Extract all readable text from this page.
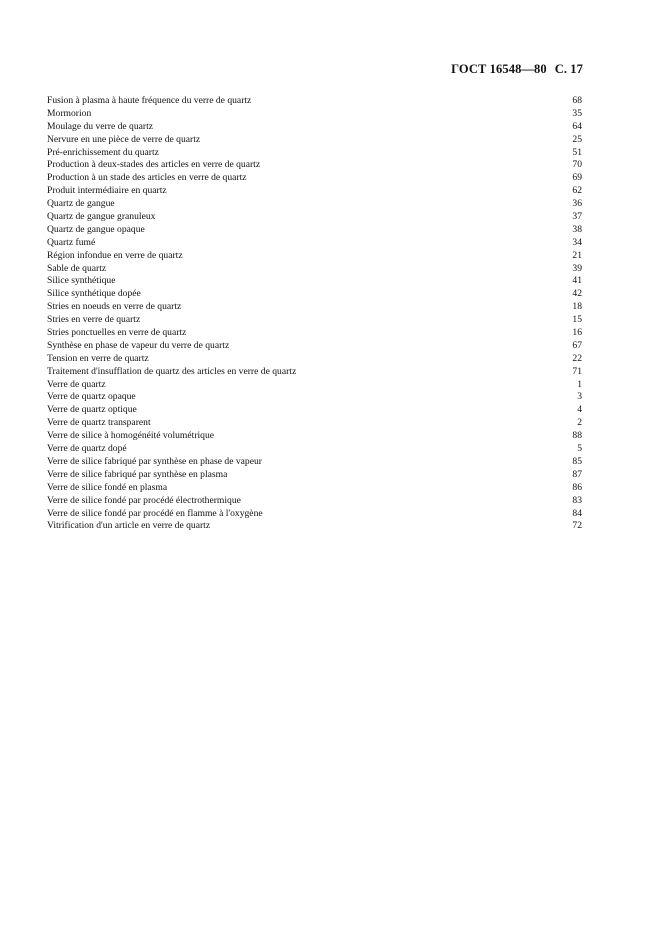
ГОСТ 16548—80 С. 17
Fusion à plasma à haute fréquence du verre de quartz	68
Mormorion	35
Moulage du verre de quartz	64
Nervure en une pièce de verre de quartz	25
Pré-enrichissement du quartz	51
Production à deux-stades des articles en verre de quartz	70
Production à un stade des articles en verre de quartz	69
Produit intermédiaire en quartz	62
Quartz de gangue	36
Quartz de gangue granuleux	37
Quartz de gangue opaque	38
Quartz fumé	34
Région infondue en verre de quartz	21
Sable de quartz	39
Silice synthétique	41
Silice synthétique dopée	42
Stries en noeuds en verre de quartz	18
Stries en verre de quartz	15
Stries ponctuelles en verre de quartz	16
Synthèse en phase de vapeur du verre de quartz	67
Tension en verre de quartz	22
Traitement d'insufflation de quartz des articles en verre de quartz	71
Verre de quartz	1
Verre de quartz opaque	3
Verre de quartz optique	4
Verre de quartz transparent	2
Verre de silice à homogénéité volumétrique	88
Verre de quartz dopé	5
Verre de silice fabriqué par synthèse en phase de vapeur	85
Verre de silice fabriqué par synthèse en plasma	87
Verre de silice fondé en plasma	86
Verre de silice fondé par procédé électrothermique	83
Verre de silice fondé par procédé en flamme à l'oxygène	84
Vitrification d'un article en verre de quartz	72
